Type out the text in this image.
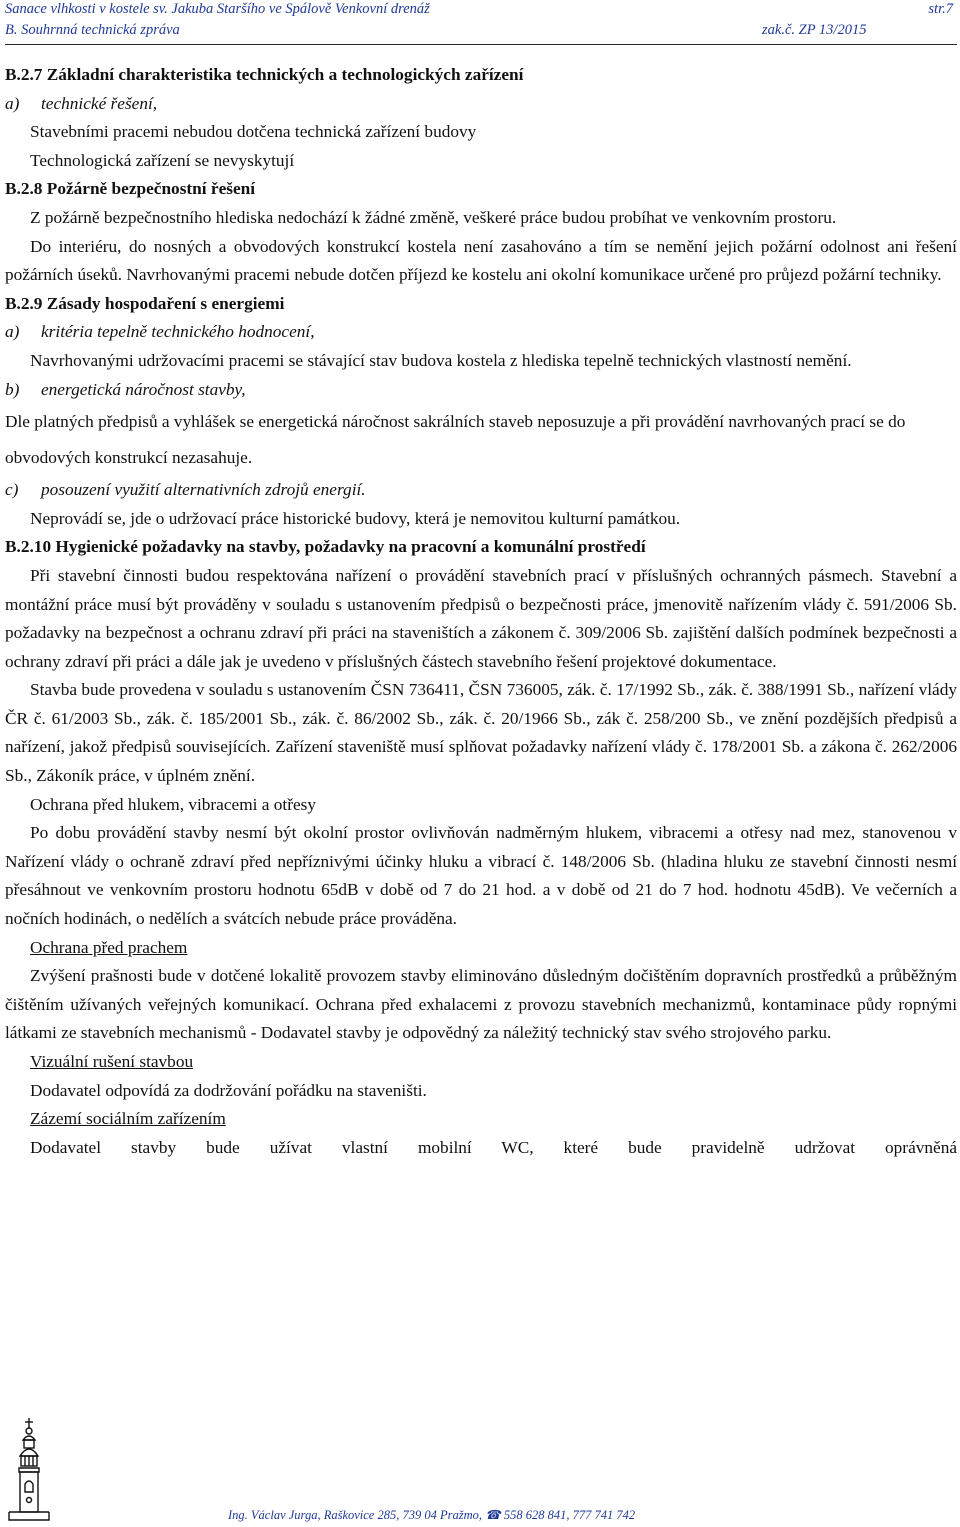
Sanace vlhkosti v kostele sv. Jakuba Staršího ve Spálově Venkovní drenáž	str.7
B. Souhrnná technická zpráva	zak.č. ZP 13/2015

B.2.7 Základní charakteristika technických a technologických zařízení

a)	technické řešení,

Stavebními pracemi nebudou dotčena technická zařízení budovy

Technologická zařízení se nevyskytují

B.2.8 Požárně bezpečnostní řešení

Z požárně bezpečnostního hlediska nedochází k žádné změně, veškeré práce budou probíhat ve venkovním prostoru.

Do interiéru, do nosných a obvodových konstrukcí kostela není zasahováno a tím se nemění jejich požární odolnost ani řešení požárních úseků. Navrhovanými pracemi nebude dotčen příjezd ke kostelu ani okolní komunikace určené pro průjezd požární techniky.

B.2.9 Zásady hospodaření s energiemi

a)	kritéria tepelně technického hodnocení,

Navrhovanými udržovacími pracemi se stávající stav budova kostela z hlediska tepelně technických vlastností nemění.

b)	energetická náročnost stavby,

Dle platných předpisů a vyhlášek se energetická náročnost sakrálních staveb neposuzuje a při provádění navrhovaných prací se do obvodových konstrukcí nezasahuje.

c)	posouzení využití alternativních zdrojů energií.

Neprovádí se, jde o udržovací práce historické budovy, která je nemovitou kulturní památkou.

B.2.10 Hygienické požadavky na stavby, požadavky na pracovní a komunální prostředí

Při stavební činnosti budou respektována nařízení o provádění stavebních prací v příslušných ochranných pásmech. Stavební a montážní práce musí být prováděny v souladu s ustanovením předpisů o bezpečnosti práce, jmenovitě nařízením vlády č. 591/2006 Sb. požadavky na bezpečnost a ochranu zdraví při práci na staveništích a zákonem č. 309/2006 Sb. zajištění dalších podmínek bezpečnosti a ochrany zdraví při práci a dále jak je uvedeno v příslušných částech stavebního řešení projektové dokumentace.

Stavba bude provedena v souladu s ustanovením ČSN 736411, ČSN 736005, zák. č. 17/1992 Sb., zák. č. 388/1991 Sb., nařízení vlády ČR č. 61/2003 Sb., zák. č. 185/2001 Sb., zák. č. 86/2002 Sb., zák. č. 20/1966 Sb., zák č. 258/200 Sb., ve znění pozdějších předpisů a nařízení, jakož předpisů souvisejících. Zařízení staveniště musí splňovat požadavky nařízení vlády č. 178/2001 Sb. a zákona č. 262/2006 Sb., Zákoník práce, v úplném znění.

Ochrana před hlukem, vibracemi a otřesy

Po dobu provádění stavby nesmí být okolní prostor ovlivňován nadměrným hlukem, vibracemi a otřesy nad mez, stanovenou v Nařízení vlády o ochraně zdraví před nepříznivými účinky hluku a vibrací č. 148/2006 Sb. (hladina hluku ze stavební činnosti nesmí přesáhnout ve venkovním prostoru hodnotu 65dB v době od 7 do 21 hod. a v době od 21 do 7 hod. hodnotu 45dB). Ve večerních a nočních hodinách, o nedělích a svátcích nebude práce prováděna.

Ochrana před prachem

Zvýšení prašnosti bude v dotčené lokalitě provozem stavby eliminováno důsledným dočištěním dopravních prostředků a průběžným čištěním užívaných veřejných komunikací. Ochrana před exhalacemi z provozu stavebních mechanizmů, kontaminace půdy ropnými látkami ze stavebních mechanismů - Dodavatel stavby je odpovědný za náležitý technický stav svého strojového parku.

Vizuální rušení stavbou

Dodavatel odpovídá za dodržování pořádku na staveništi.

Zázemí sociálním zařízením

Dodavatel stavby bude užívat vlastní mobilní WC, které bude pravidelně udržovat oprávněná

Ing. Václav Jurga, Raškovice 285, 739 04 Pražmo, ☎ 558 628 841, 777 741 742
